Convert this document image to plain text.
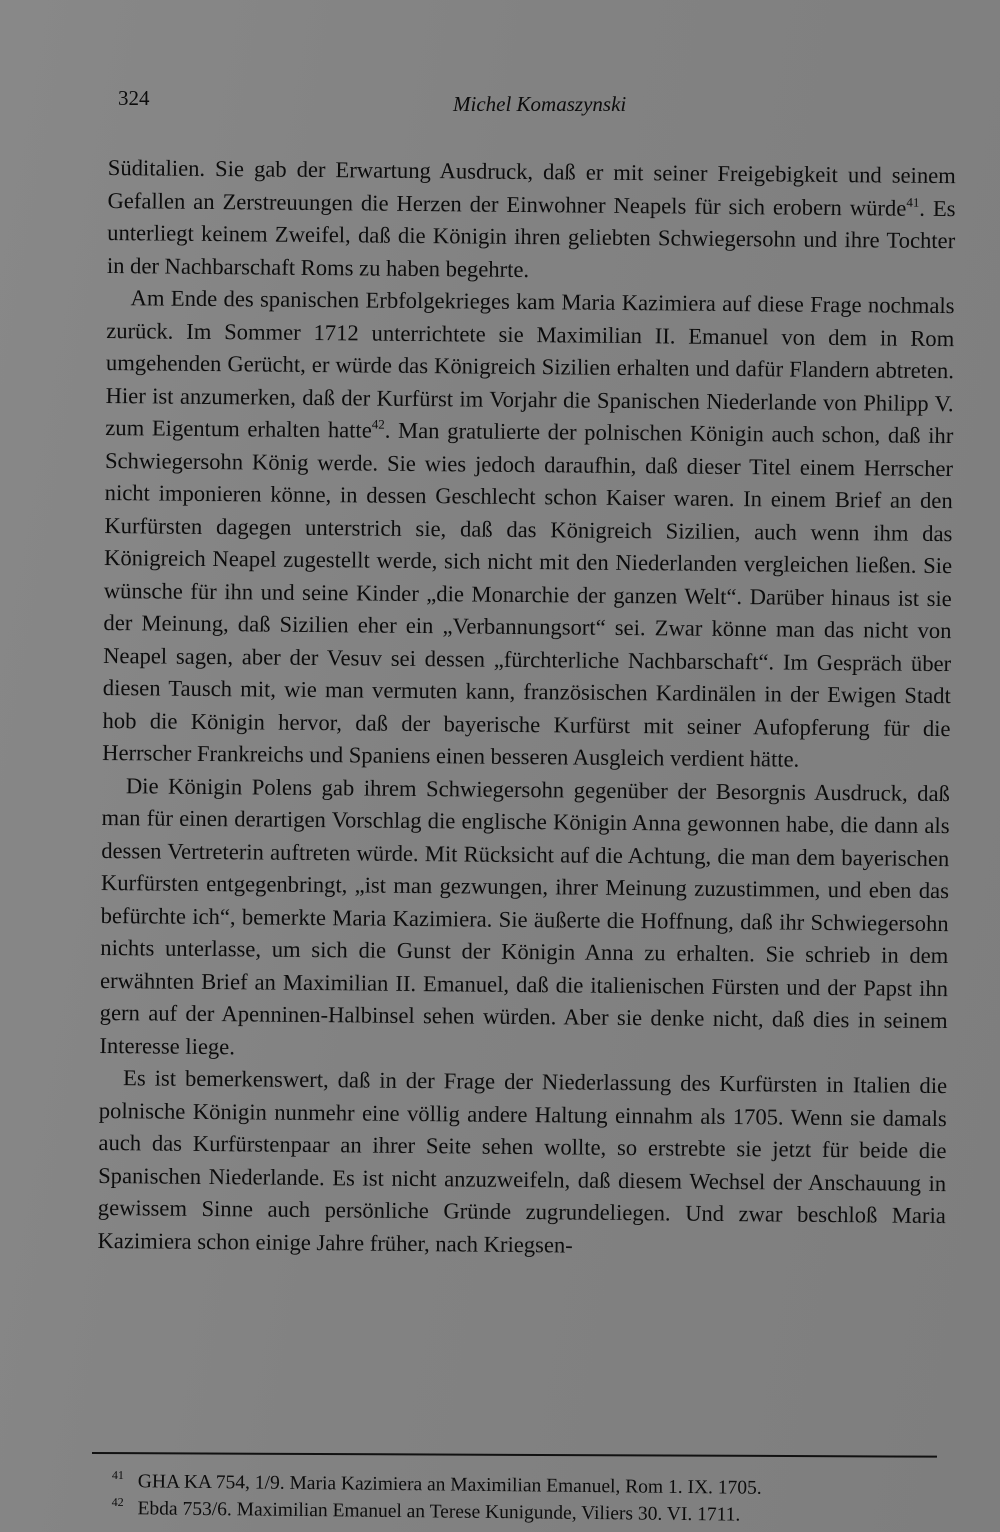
324	Michel Komaszynski

Süditalien. Sie gab der Erwartung Ausdruck, daß er mit seiner Freigebigkeit und seinem Gefallen an Zerstreuungen die Herzen der Einwohner Neapels für sich erobern würde$^{41}$. Es unterliegt keinem Zweifel, daß die Königin ihren geliebten Schwiegersohn und ihre Tochter in der Nachbarschaft Roms zu haben begehrte.

Am Ende des spanischen Erbfolgekrieges kam Maria Kazimiera auf diese Frage nochmals zurück. Im Sommer 1712 unterrichtete sie Maximilian II. Emanuel von dem in Rom umgehenden Gerücht, er würde das Königreich Sizilien erhalten und dafür Flandern abtreten. Hier ist anzumerken, daß der Kurfürst im Vorjahr die Spanischen Niederlande von Philipp V. zum Eigentum erhalten hatte$^{42}$. Man gratulierte der polnischen Königin auch schon, daß ihr Schwiegersohn König werde. Sie wies jedoch daraufhin, daß dieser Titel einem Herrscher nicht imponieren könne, in dessen Geschlecht schon Kaiser waren. In einem Brief an den Kurfürsten dagegen unterstrich sie, daß das Königreich Sizilien, auch wenn ihm das Königreich Neapel zugestellt werde, sich nicht mit den Niederlanden vergleichen ließen. Sie wünsche für ihn und seine Kinder „die Monarchie der ganzen Welt“. Darüber hinaus ist sie der Meinung, daß Sizilien eher ein „Verbannungsort“ sei. Zwar könne man das nicht von Neapel sagen, aber der Vesuv sei dessen „fürchterliche Nachbarschaft“. Im Gespräch über diesen Tausch mit, wie man vermuten kann, französischen Kardinälen in der Ewigen Stadt hob die Königin hervor, daß der bayerische Kurfürst mit seiner Aufopferung für die Herrscher Frankreichs und Spaniens einen besseren Ausgleich verdient hätte.

Die Königin Polens gab ihrem Schwiegersohn gegenüber der Besorgnis Ausdruck, daß man für einen derartigen Vorschlag die englische Königin Anna gewonnen habe, die dann als dessen Vertreterin auftreten würde. Mit Rücksicht auf die Achtung, die man dem bayerischen Kurfürsten entgegenbringt, „ist man gezwungen, ihrer Meinung zuzustimmen, und eben das befürchte ich“, bemerkte Maria Kazimiera. Sie äußerte die Hoffnung, daß ihr Schwiegersohn nichts unterlasse, um sich die Gunst der Königin Anna zu erhalten. Sie schrieb in dem erwähnten Brief an Maximilian II. Emanuel, daß die italienischen Fürsten und der Papst ihn gern auf der Apenninen-Halbinsel sehen würden. Aber sie denke nicht, daß dies in seinem Interesse liege.

Es ist bemerkenswert, daß in der Frage der Niederlassung des Kurfürsten in Italien die polnische Königin nunmehr eine völlig andere Haltung einnahm als 1705. Wenn sie damals auch das Kurfürstenpaar an ihrer Seite sehen wollte, so erstrebte sie jetzt für beide die Spanischen Niederlande. Es ist nicht anzuzweifeln, daß diesem Wechsel der Anschauung in gewissem Sinne auch persönliche Gründe zugrundeliegen. Und zwar beschloß Maria Kazimiera schon einige Jahre früher, nach Kriegsen-

41 GHA KA 754, 1/9. Maria Kazimiera an Maximilian Emanuel, Rom 1. IX. 1705.
42 Ebda 753/6. Maximilian Emanuel an Terese Kunigunde, Viliers 30. VI. 1711.
